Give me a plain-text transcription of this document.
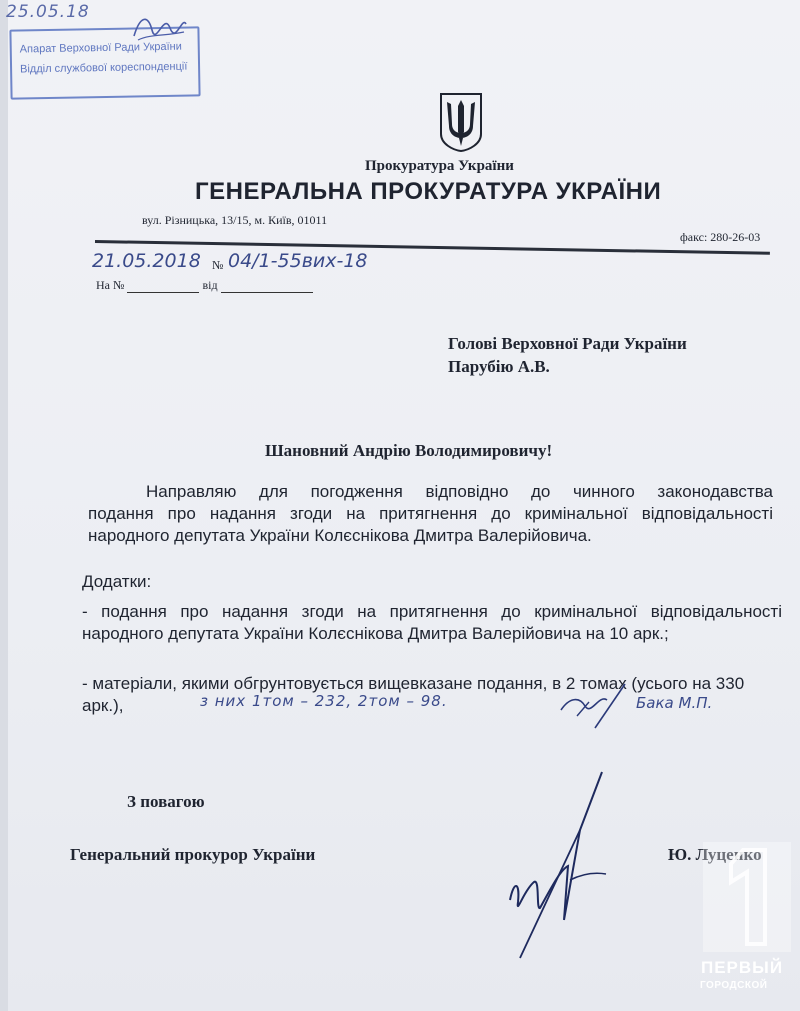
25.05.18
Апарат Верховної Ради України
Відділ службової кореспонденції
Прокуратура України
ГЕНЕРАЛЬНА ПРОКУРАТУРА УКРАЇНИ
вул. Різницька, 13/15, м. Київ, 01011
факс: 280-26-03
21.05.2018 № 04/1-55вих-18
На №	від
Голові Верховної Ради України
Парубію А.В.
Шановний Андрію Володимировичу!

Направляю для погодження відповідно до чинного законодавства

подання про надання згоди на притягнення до кримінальної відповідальності

народного депутата України Колєснікова Дмитра Валерійовича.

Додатки:
- подання про надання згоди на притягнення до кримінальної відповідальності народного депутата України Колєснікова Дмитра Валерійовича на 10 арк.;
- матеріали, якими обгрунтовується вищевказане подання, в 2 томах (усього на 330 арк.),	з них 1том – 232, 2том – 98.	Бака М.П.
З повагою
Генеральний прокурор України	Ю. Луценко
ПЕРВЫЙ
ГОРОДСКОЙ
